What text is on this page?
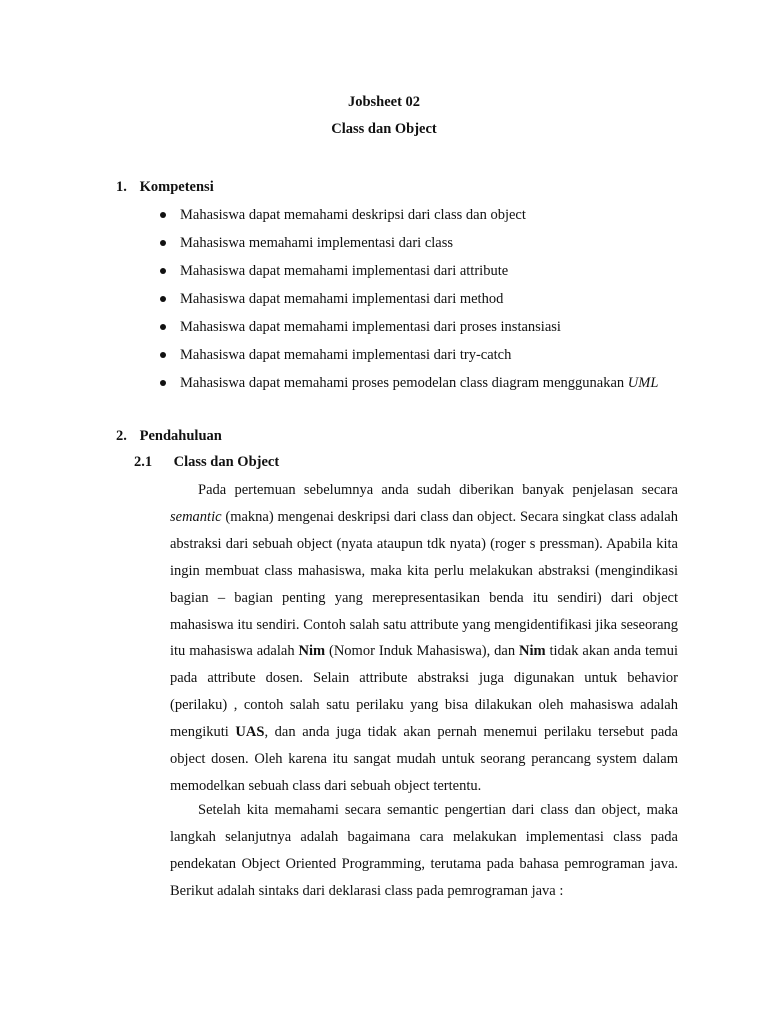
Jobsheet 02
Class dan Object
1. Kompetensi
Mahasiswa dapat memahami deskripsi dari class dan object
Mahasiswa memahami implementasi dari class
Mahasiswa dapat memahami implementasi dari attribute
Mahasiswa dapat memahami implementasi dari method
Mahasiswa dapat memahami implementasi dari proses instansiasi
Mahasiswa dapat memahami implementasi dari try-catch
Mahasiswa dapat memahami proses pemodelan class diagram menggunakan UML
2. Pendahuluan
2.1 Class dan Object

Pada pertemuan sebelumnya anda sudah diberikan banyak penjelasan secara semantic (makna) mengenai deskripsi dari class dan object. Secara singkat class adalah abstraksi dari sebuah object (nyata ataupun tdk nyata) (roger s pressman). Apabila kita ingin membuat class mahasiswa, maka kita perlu melakukan abstraksi (mengindikasi bagian – bagian penting yang merepresentasikan benda itu sendiri) dari object mahasiswa itu sendiri. Contoh salah satu attribute yang mengidentifikasi jika seseorang itu mahasiswa adalah Nim (Nomor Induk Mahasiswa), dan Nim tidak akan anda temui pada attribute dosen. Selain attribute abstraksi juga digunakan untuk behavior (perilaku) , contoh salah satu perilaku yang bisa dilakukan oleh mahasiswa adalah mengikuti UAS, dan anda juga tidak akan pernah menemui perilaku tersebut pada object dosen. Oleh karena itu sangat mudah untuk seorang perancang system dalam memodelkan sebuah class dari sebuah object tertentu.

Setelah kita memahami secara semantic pengertian dari class dan object, maka langkah selanjutnya adalah bagaimana cara melakukan implementasi class pada pendekatan Object Oriented Programming, terutama pada bahasa pemrograman java. Berikut adalah sintaks dari deklarasi class pada pemrograman java :
